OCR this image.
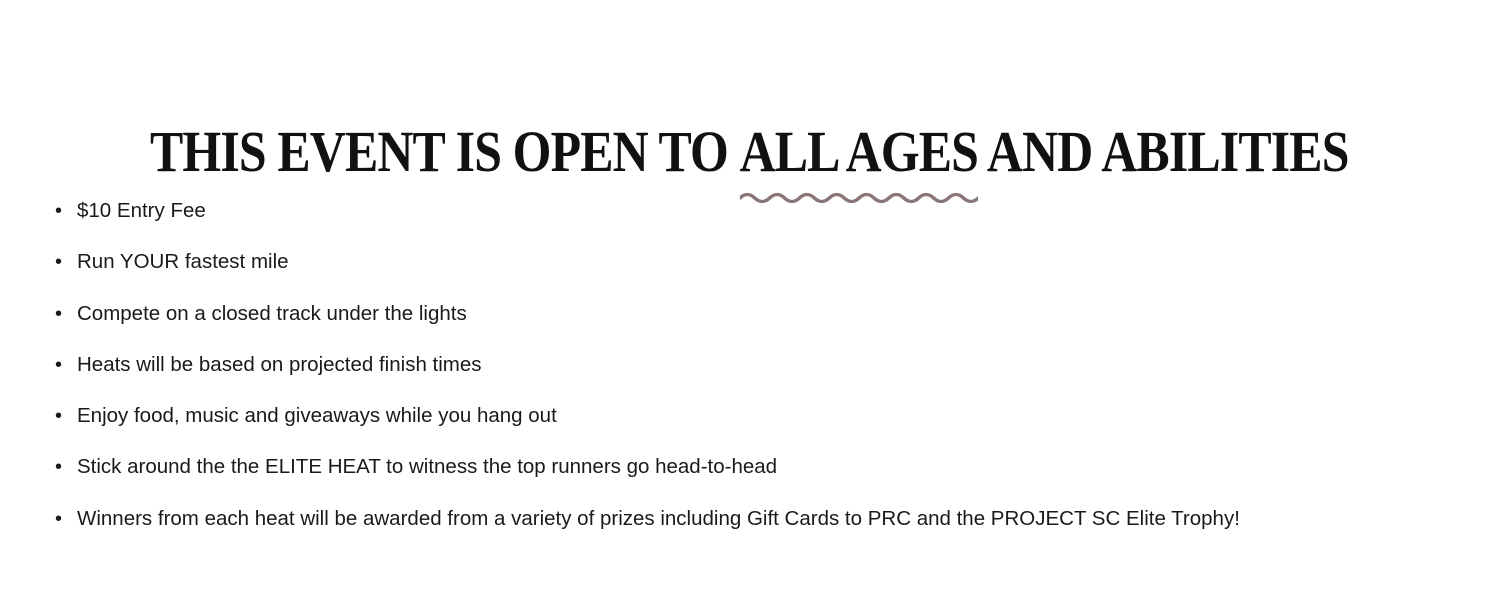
THIS EVENT IS OPEN TO ALL AGES
AND ABILITIES
• $10 Entry Fee
• Run YOUR fastest mile
• Compete on a closed track under the lights
• Heats will be based on projected finish times
• Enjoy food, music and giveaways while you hang out
• Stick around the the ELITE HEAT to witness the top runners go head-to-head
• Winners from each heat will be awarded from a variety of prizes including Gift Cards to PRC and the PROJECT SC Elite Trophy!
